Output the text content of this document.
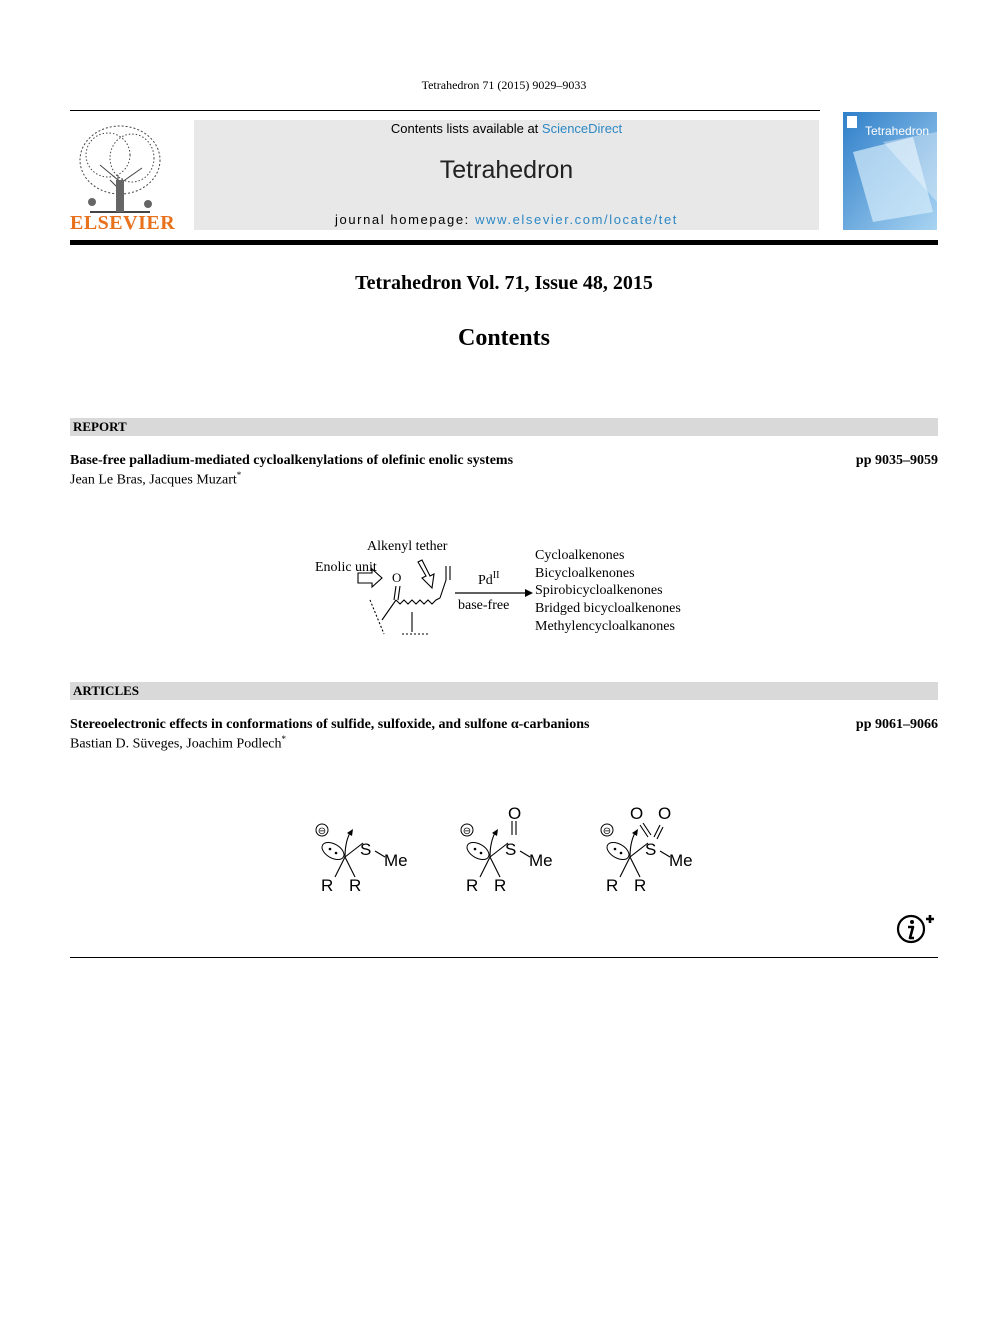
Tetrahedron 71 (2015) 9029–9033
ELSEVIER
Contents lists available at ScienceDirect
Tetrahedron
journal homepage: www.elsevier.com/locate/tet
Tetrahedron
Tetrahedron Vol. 71, Issue 48, 2015
Contents
REPORT
Base-free palladium-mediated cycloalkenylations of olefinic enolic systems	pp 9035–9059
Jean Le Bras, Jacques Muzart*
Alkenyl tether
Enolic unit
O	$Pd^{II}$
base-free
Cycloalkenones
Bicycloalkenones
Spirobicycloalkenones
Bridged bicycloalkenones
Methylencycloalkanones
ARTICLES
Stereoelectronic effects in conformations of sulfide, sulfoxide, and sulfone α-carbanions	pp 9061–9066
Bastian D. Süveges, Joachim Podlech*
⊖
S
Me
R R
⊖
O
S
Me
R R
⊖
O O
S
Me
R R
